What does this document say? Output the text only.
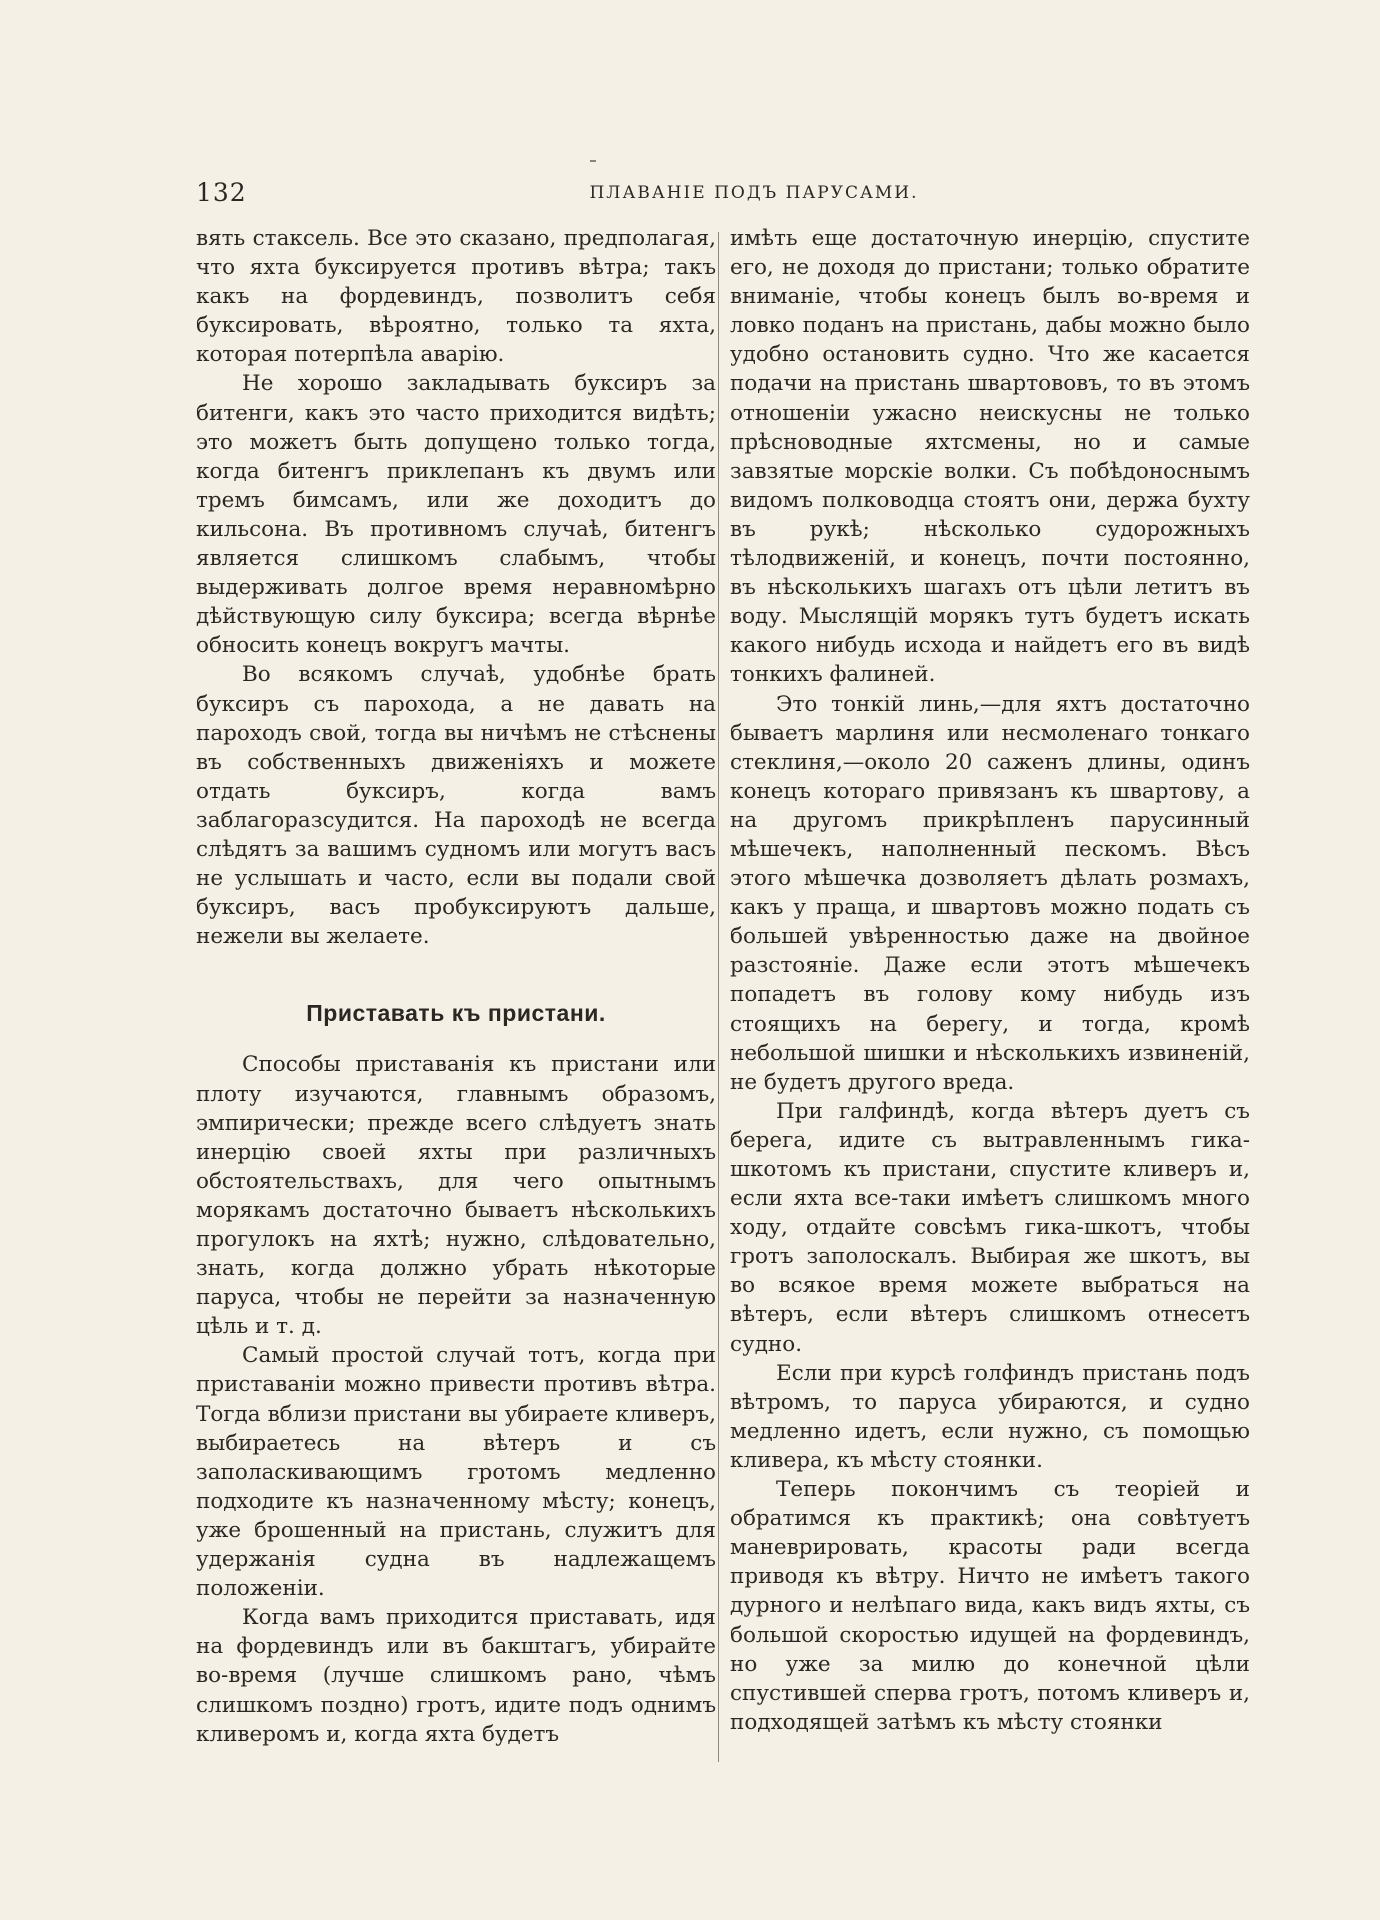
132	ПЛАВАНІЕ ПОДЪ ПАРУСАМИ.

вять стаксель. Все это сказано, предполагая, что яхта буксируется противъ вѣтра; такъ какъ на фордевиндъ, позволитъ себя буксировать, вѣроятно, только та яхта, которая потерпѣла аварію.

Не хорошо закладывать буксиръ за битенги, какъ это часто приходится видѣть; это можетъ быть допущено только тогда, когда битенгъ приклепанъ къ двумъ или тремъ бимсамъ, или же доходитъ до кильсона. Въ противномъ случаѣ, битенгъ является слишкомъ слабымъ, чтобы выдерживать долгое время неравномѣрно дѣйствующую силу буксира; всегда вѣрнѣе обносить конецъ вокругъ мачты.

Во всякомъ случаѣ, удобнѣе брать буксиръ съ парохода, а не давать на пароходъ свой, тогда вы ничѣмъ не стѣснены въ собственныхъ движеніяхъ и можете отдать буксиръ, когда вамъ заблагоразсудится. На пароходѣ не всегда слѣдятъ за вашимъ судномъ или могутъ васъ не услышать и часто, если вы подали свой буксиръ, васъ пробуксируютъ дальше, нежели вы желаете.

Приставать къ пристани.

Способы приставанія къ пристани или плоту изучаются, главнымъ образомъ, эмпирически; прежде всего слѣдуетъ знать инерцію своей яхты при различныхъ обстоятельствахъ, для чего опытнымъ морякамъ достаточно бываетъ нѣсколькихъ прогулокъ на яхтѣ; нужно, слѣдовательно, знать, когда должно убрать нѣкоторые паруса, чтобы не перейти за назначенную цѣль и т. д.

Самый простой случай тотъ, когда при приставаніи можно привести противъ вѣтра. Тогда вблизи пристани вы убираете кливеръ, выбираетесь на вѣтеръ и съ заполаскивающимъ гротомъ медленно подходите къ назначенному мѣсту; конецъ, уже брошенный на пристань, служитъ для удержанія судна въ надлежащемъ положеніи.

Когда вамъ приходится приставать, идя на фордевиндъ или въ бакштагъ, убирайте во-время (лучше слишкомъ рано, чѣмъ слишкомъ поздно) гротъ, идите подъ однимъ кливеромъ и, когда яхта будетъ

имѣть еще достаточную инерцію, спустите его, не доходя до пристани; только обратите вниманіе, чтобы конецъ былъ во-время и ловко поданъ на пристань, дабы можно было удобно остановить судно. Что же касается подачи на пристань швартововъ, то въ этомъ отношеніи ужасно неискусны не только прѣсноводные яхтсмены, но и самые завзятые морскіе волки. Съ побѣдоноснымъ видомъ полководца стоятъ они, держа бухту въ рукѣ; нѣсколько судорожныхъ тѣлодвиженій, и конецъ, почти постоянно, въ нѣсколькихъ шагахъ отъ цѣли летитъ въ воду. Мыслящій морякъ тутъ будетъ искать какого нибудь исхода и найдетъ его въ видѣ тонкихъ фалиней.

Это тонкій линь,—для яхтъ достаточно бываетъ марлиня или несмоленаго тонкаго стеклиня,—около 20 саженъ длины, одинъ конецъ котораго привязанъ къ швартову, а на другомъ прикрѣпленъ парусинный мѣшечекъ, наполненный пескомъ. Вѣсъ этого мѣшечка дозволяетъ дѣлать розмахъ, какъ у праща, и швартовъ можно подать съ большей увѣренностью даже на двойное разстояніе. Даже если этотъ мѣшечекъ попадетъ въ голову кому нибудь изъ стоящихъ на берегу, и тогда, кромѣ небольшой шишки и нѣсколькихъ извиненій, не будетъ другого вреда.

При галфиндѣ, когда вѣтеръ дуетъ съ берега, идите съ вытравленнымъ гика-шкотомъ къ пристани, спустите кливеръ и, если яхта все-таки имѣетъ слишкомъ много ходу, отдайте совсѣмъ гика-шкотъ, чтобы гротъ заполоскалъ. Выбирая же шкотъ, вы во всякое время можете выбраться на вѣтеръ, если вѣтеръ слишкомъ отнесетъ судно.

Если при курсѣ голфиндъ пристань подъ вѣтромъ, то паруса убираются, и судно медленно идетъ, если нужно, съ помощью кливера, къ мѣсту стоянки.

Теперь покончимъ съ теоріей и обратимся къ практикѣ; она совѣтуетъ маневрировать, красоты ради всегда приводя къ вѣтру. Ничто не имѣетъ такого дурного и нелѣпаго вида, какъ видъ яхты, съ большой скоростью идущей на фордевиндъ, но уже за милю до конечной цѣли спустившей сперва гротъ, потомъ кливеръ и, подходящей затѣмъ къ мѣсту стоянки
